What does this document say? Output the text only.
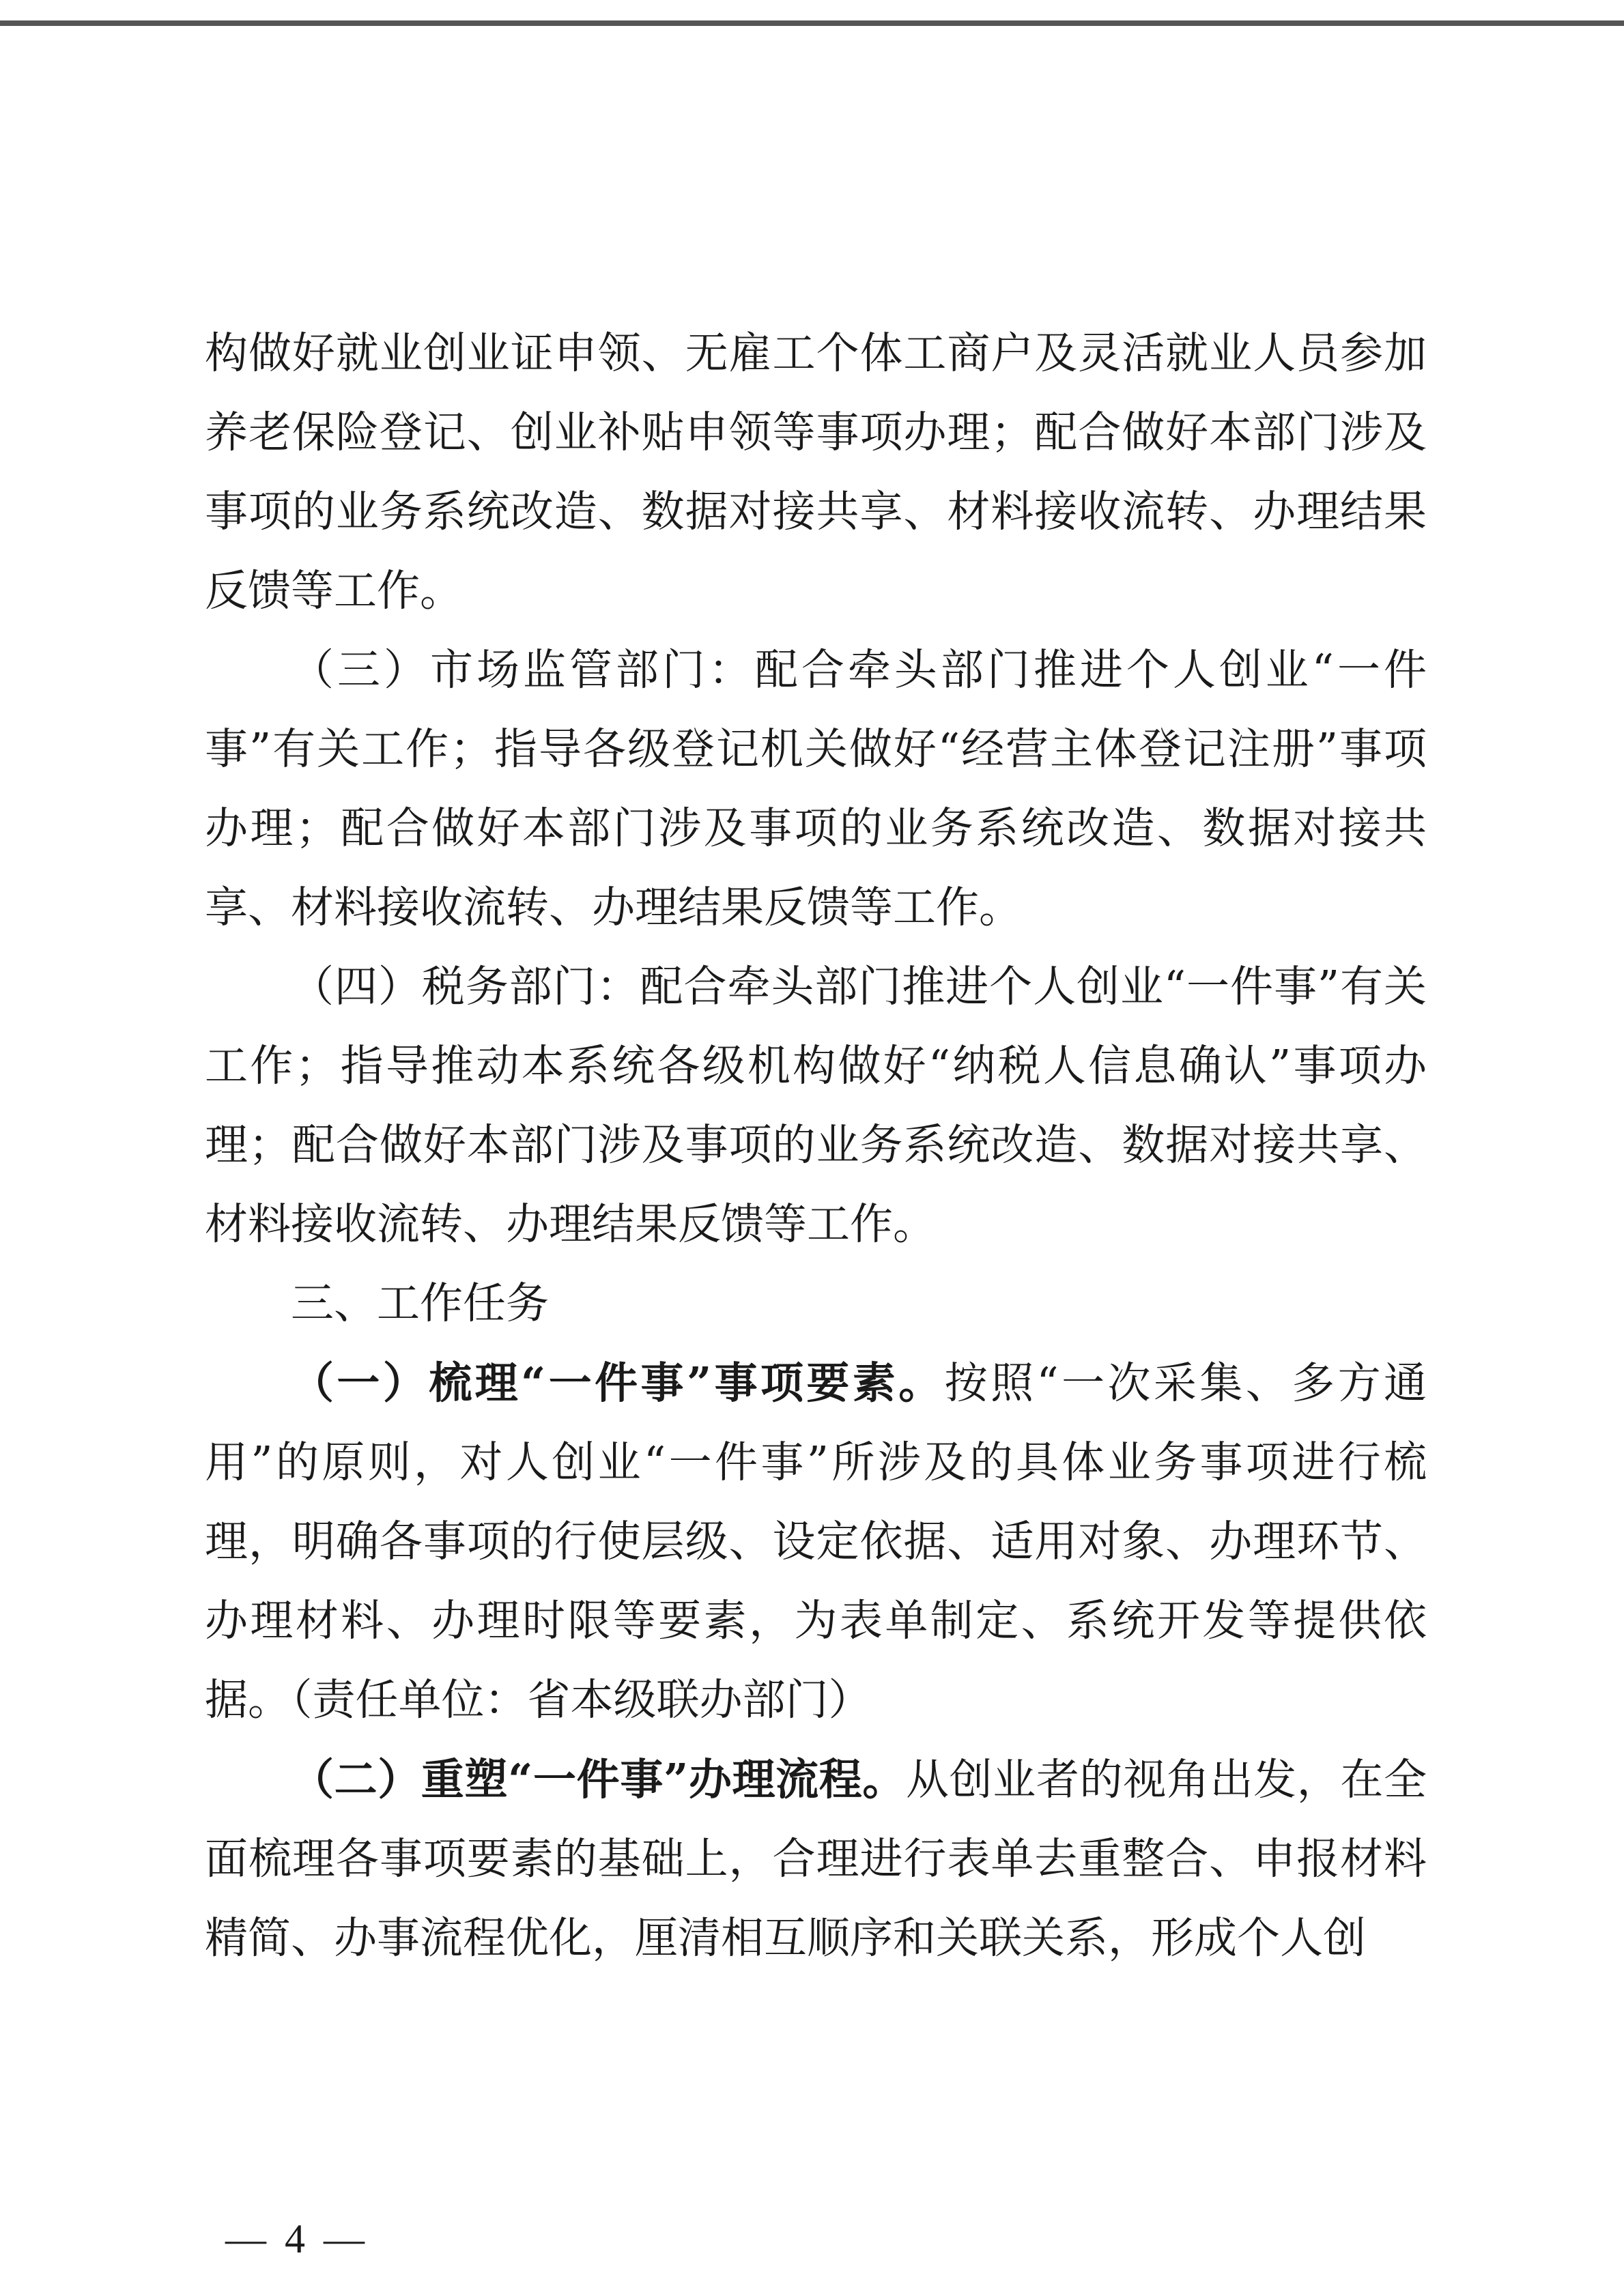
构做好就业创业证申领、无雇工个体工商户及灵活就业人员参加养老保险登记、创业补贴申领等事项办理；配合做好本部门涉及事项的业务系统改造、数据对接共享、材料接收流转、办理结果反馈等工作。

（三）市场监管部门：配合牵头部门推进个人创业“一件事”有关工作；指导各级登记机关做好“经营主体登记注册”事项办理；配合做好本部门涉及事项的业务系统改造、数据对接共享、材料接收流转、办理结果反馈等工作。

（四）税务部门：配合牵头部门推进个人创业“一件事”有关工作；指导推动本系统各级机构做好“纳税人信息确认”事项办理；配合做好本部门涉及事项的业务系统改造、数据对接共享、材料接收流转、办理结果反馈等工作。

三、工作任务

（一）梳理“一件事”事项要素。按照“一次采集、多方通用”的原则，对人创业“一件事”所涉及的具体业务事项进行梳理，明确各事项的行使层级、设定依据、适用对象、办理环节、办理材料、办理时限等要素，为表单制定、系统开发等提供依据。（责任单位：省本级联办部门）

（二）重塑“一件事”办理流程。从创业者的视角出发，在全面梳理各事项要素的基础上，合理进行表单去重整合、申报材料精简、办事流程优化，厘清相互顺序和关联关系，形成个人创

— 4 —
